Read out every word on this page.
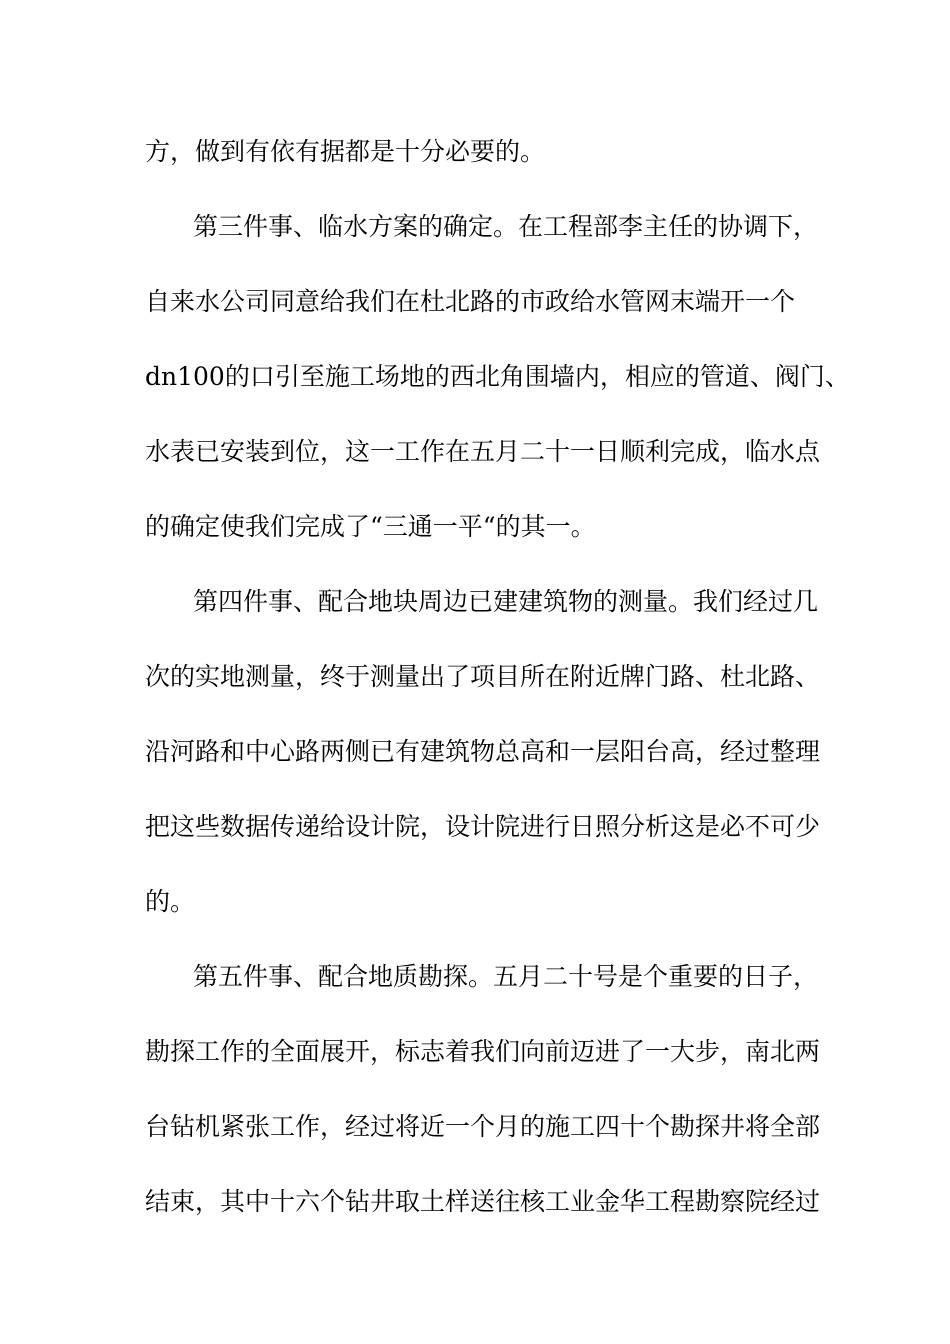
方，做到有依有据都是十分必要的。
第三件事、临水方案的确定。在工程部李主任的协调下，
自来水公司同意给我们在杜北路的市政给水管网末端开一个
dn100的口引至施工场地的西北角围墙内，相应的管道、阀门、
水表已安装到位，这一工作在五月二十一日顺利完成，临水点
的确定使我们完成了“三通一平“的其一。
第四件事、配合地块周边已建建筑物的测量。我们经过几
次的实地测量，终于测量出了项目所在附近牌门路、杜北路、
沿河路和中心路两侧已有建筑物总高和一层阳台高，经过整理
把这些数据传递给设计院，设计院进行日照分析这是必不可少
的。
第五件事、配合地质勘探。五月二十号是个重要的日子，
勘探工作的全面展开，标志着我们向前迈进了一大步，南北两
台钻机紧张工作，经过将近一个月的施工四十个勘探井将全部
结束，其中十六个钻井取土样送往核工业金华工程勘察院经过
